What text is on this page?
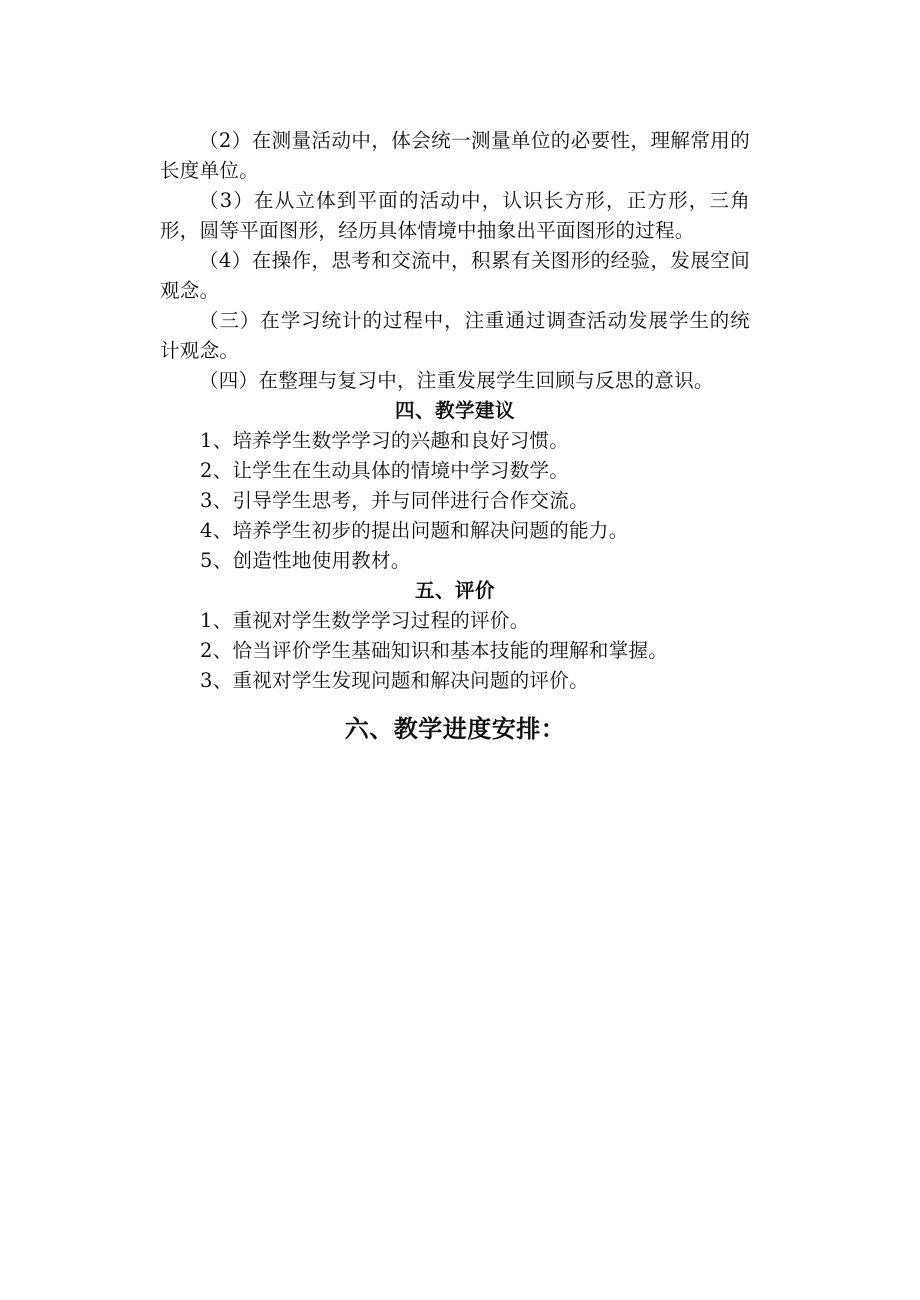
（2）在测量活动中，体会统一测量单位的必要性，理解常用的长度单位。

（3）在从立体到平面的活动中，认识长方形，正方形，三角形，圆等平面图形，经历具体情境中抽象出平面图形的过程。

（4）在操作，思考和交流中，积累有关图形的经验，发展空间观念。

（三）在学习统计的过程中，注重通过调查活动发展学生的统计观念。

（四）在整理与复习中，注重发展学生回顾与反思的意识。

四、教学建议

1、培养学生数学学习的兴趣和良好习惯。

2、让学生在生动具体的情境中学习数学。

3、引导学生思考，并与同伴进行合作交流。

4、培养学生初步的提出问题和解决问题的能力。

5、创造性地使用教材。

五、评价

1、重视对学生数学学习过程的评价。

2、恰当评价学生基础知识和基本技能的理解和掌握。

3、重视对学生发现问题和解决问题的评价。

六、教学进度安排：
